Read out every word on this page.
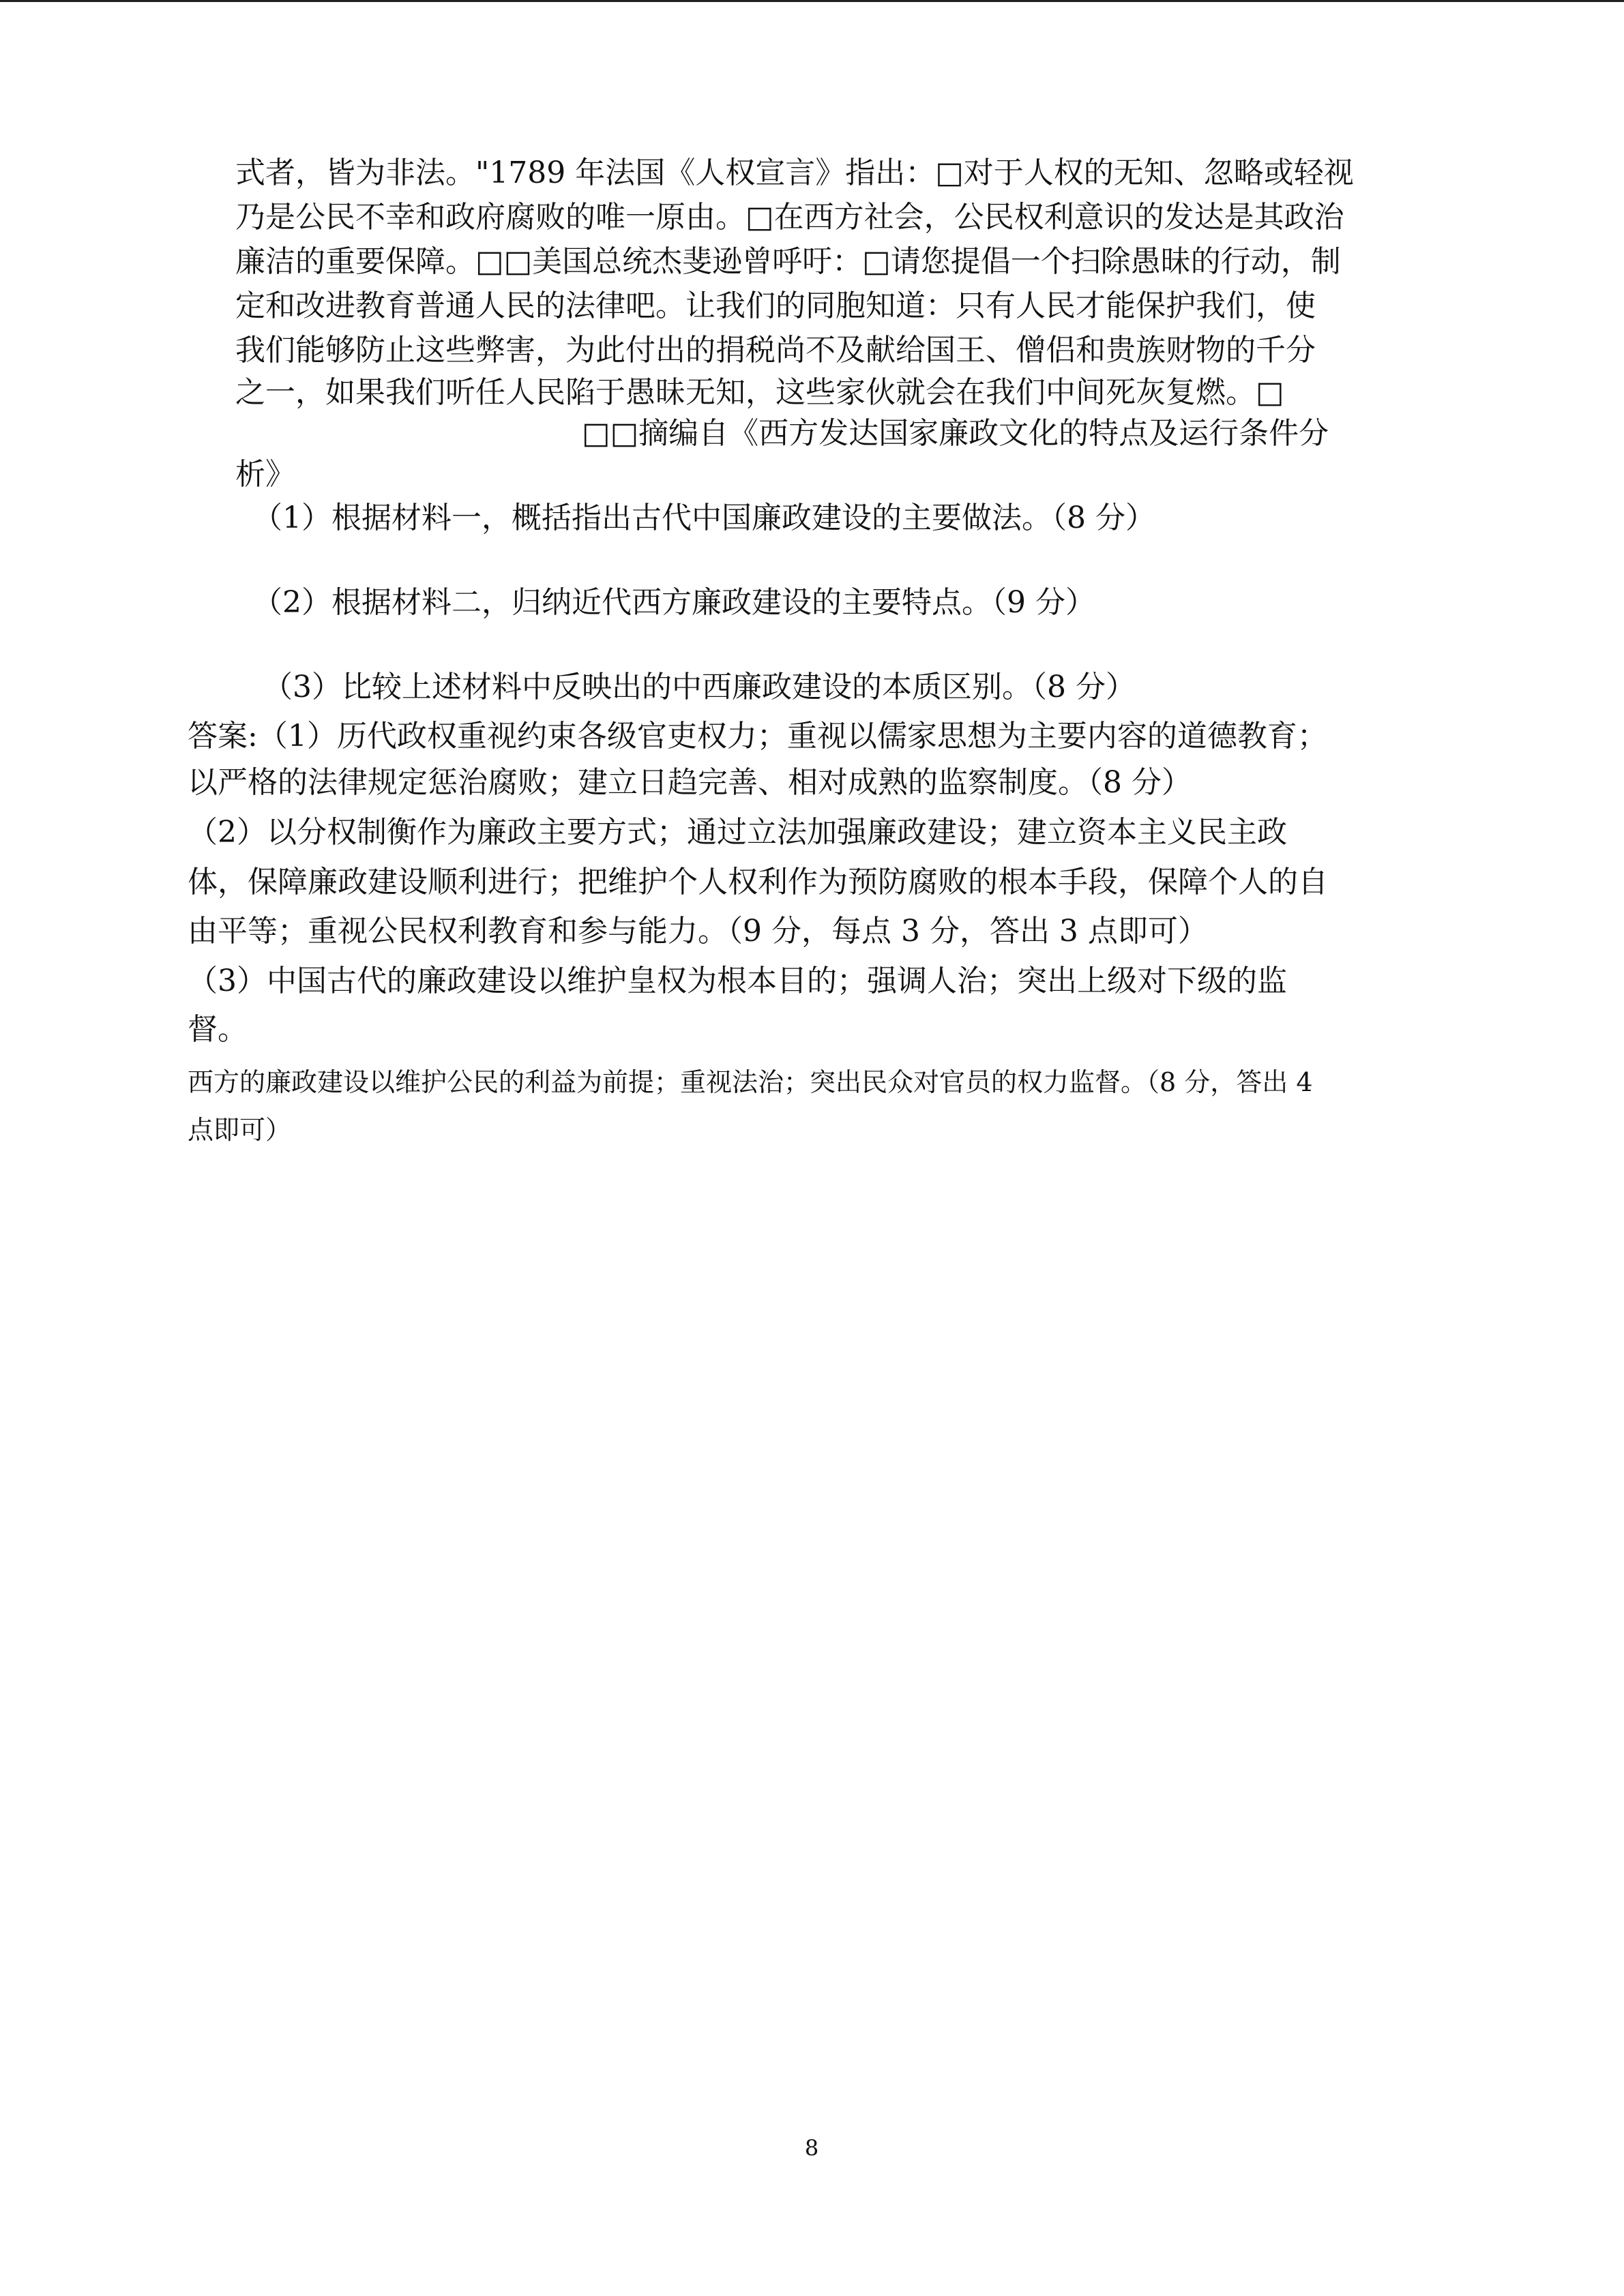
式者，皆为非法。"1789 年法国《人权宣言》指出：□对于人权的无知、忽略或轻视
乃是公民不幸和政府腐败的唯一原由。□在西方社会，公民权利意识的发达是其政治
廉洁的重要保障。□□美国总统杰斐逊曾呼吁：□请您提倡一个扫除愚昧的行动，制
定和改进教育普通人民的法律吧。让我们的同胞知道：只有人民才能保护我们，使
我们能够防止这些弊害，为此付出的捐税尚不及献给国王、僧侣和贵族财物的千分
之一，如果我们听任人民陷于愚昧无知，这些家伙就会在我们中间死灰复燃。□
□□摘编自《西方发达国家廉政文化的特点及运行条件分
析》
（1）根据材料一，概括指出古代中国廉政建设的主要做法。（8 分）
（2）根据材料二，归纳近代西方廉政建设的主要特点。（9 分）
（3）比较上述材料中反映出的中西廉政建设的本质区别。（8 分）
答案:（1）历代政权重视约束各级官吏权力；重视以儒家思想为主要内容的道德教育；
以严格的法律规定惩治腐败；建立日趋完善、相对成熟的监察制度。（8 分）
（2）以分权制衡作为廉政主要方式；通过立法加强廉政建设；建立资本主义民主政
体，保障廉政建设顺利进行；把维护个人权利作为预防腐败的根本手段，保障个人的自
由平等；重视公民权利教育和参与能力。（9 分，每点 3 分，答出 3 点即可）
（3）中国古代的廉政建设以维护皇权为根本目的；强调人治；突出上级对下级的监
督。
西方的廉政建设以维护公民的利益为前提；重视法治；突出民众对官员的权力监督。（8 分，答出 4
点即可）
8
